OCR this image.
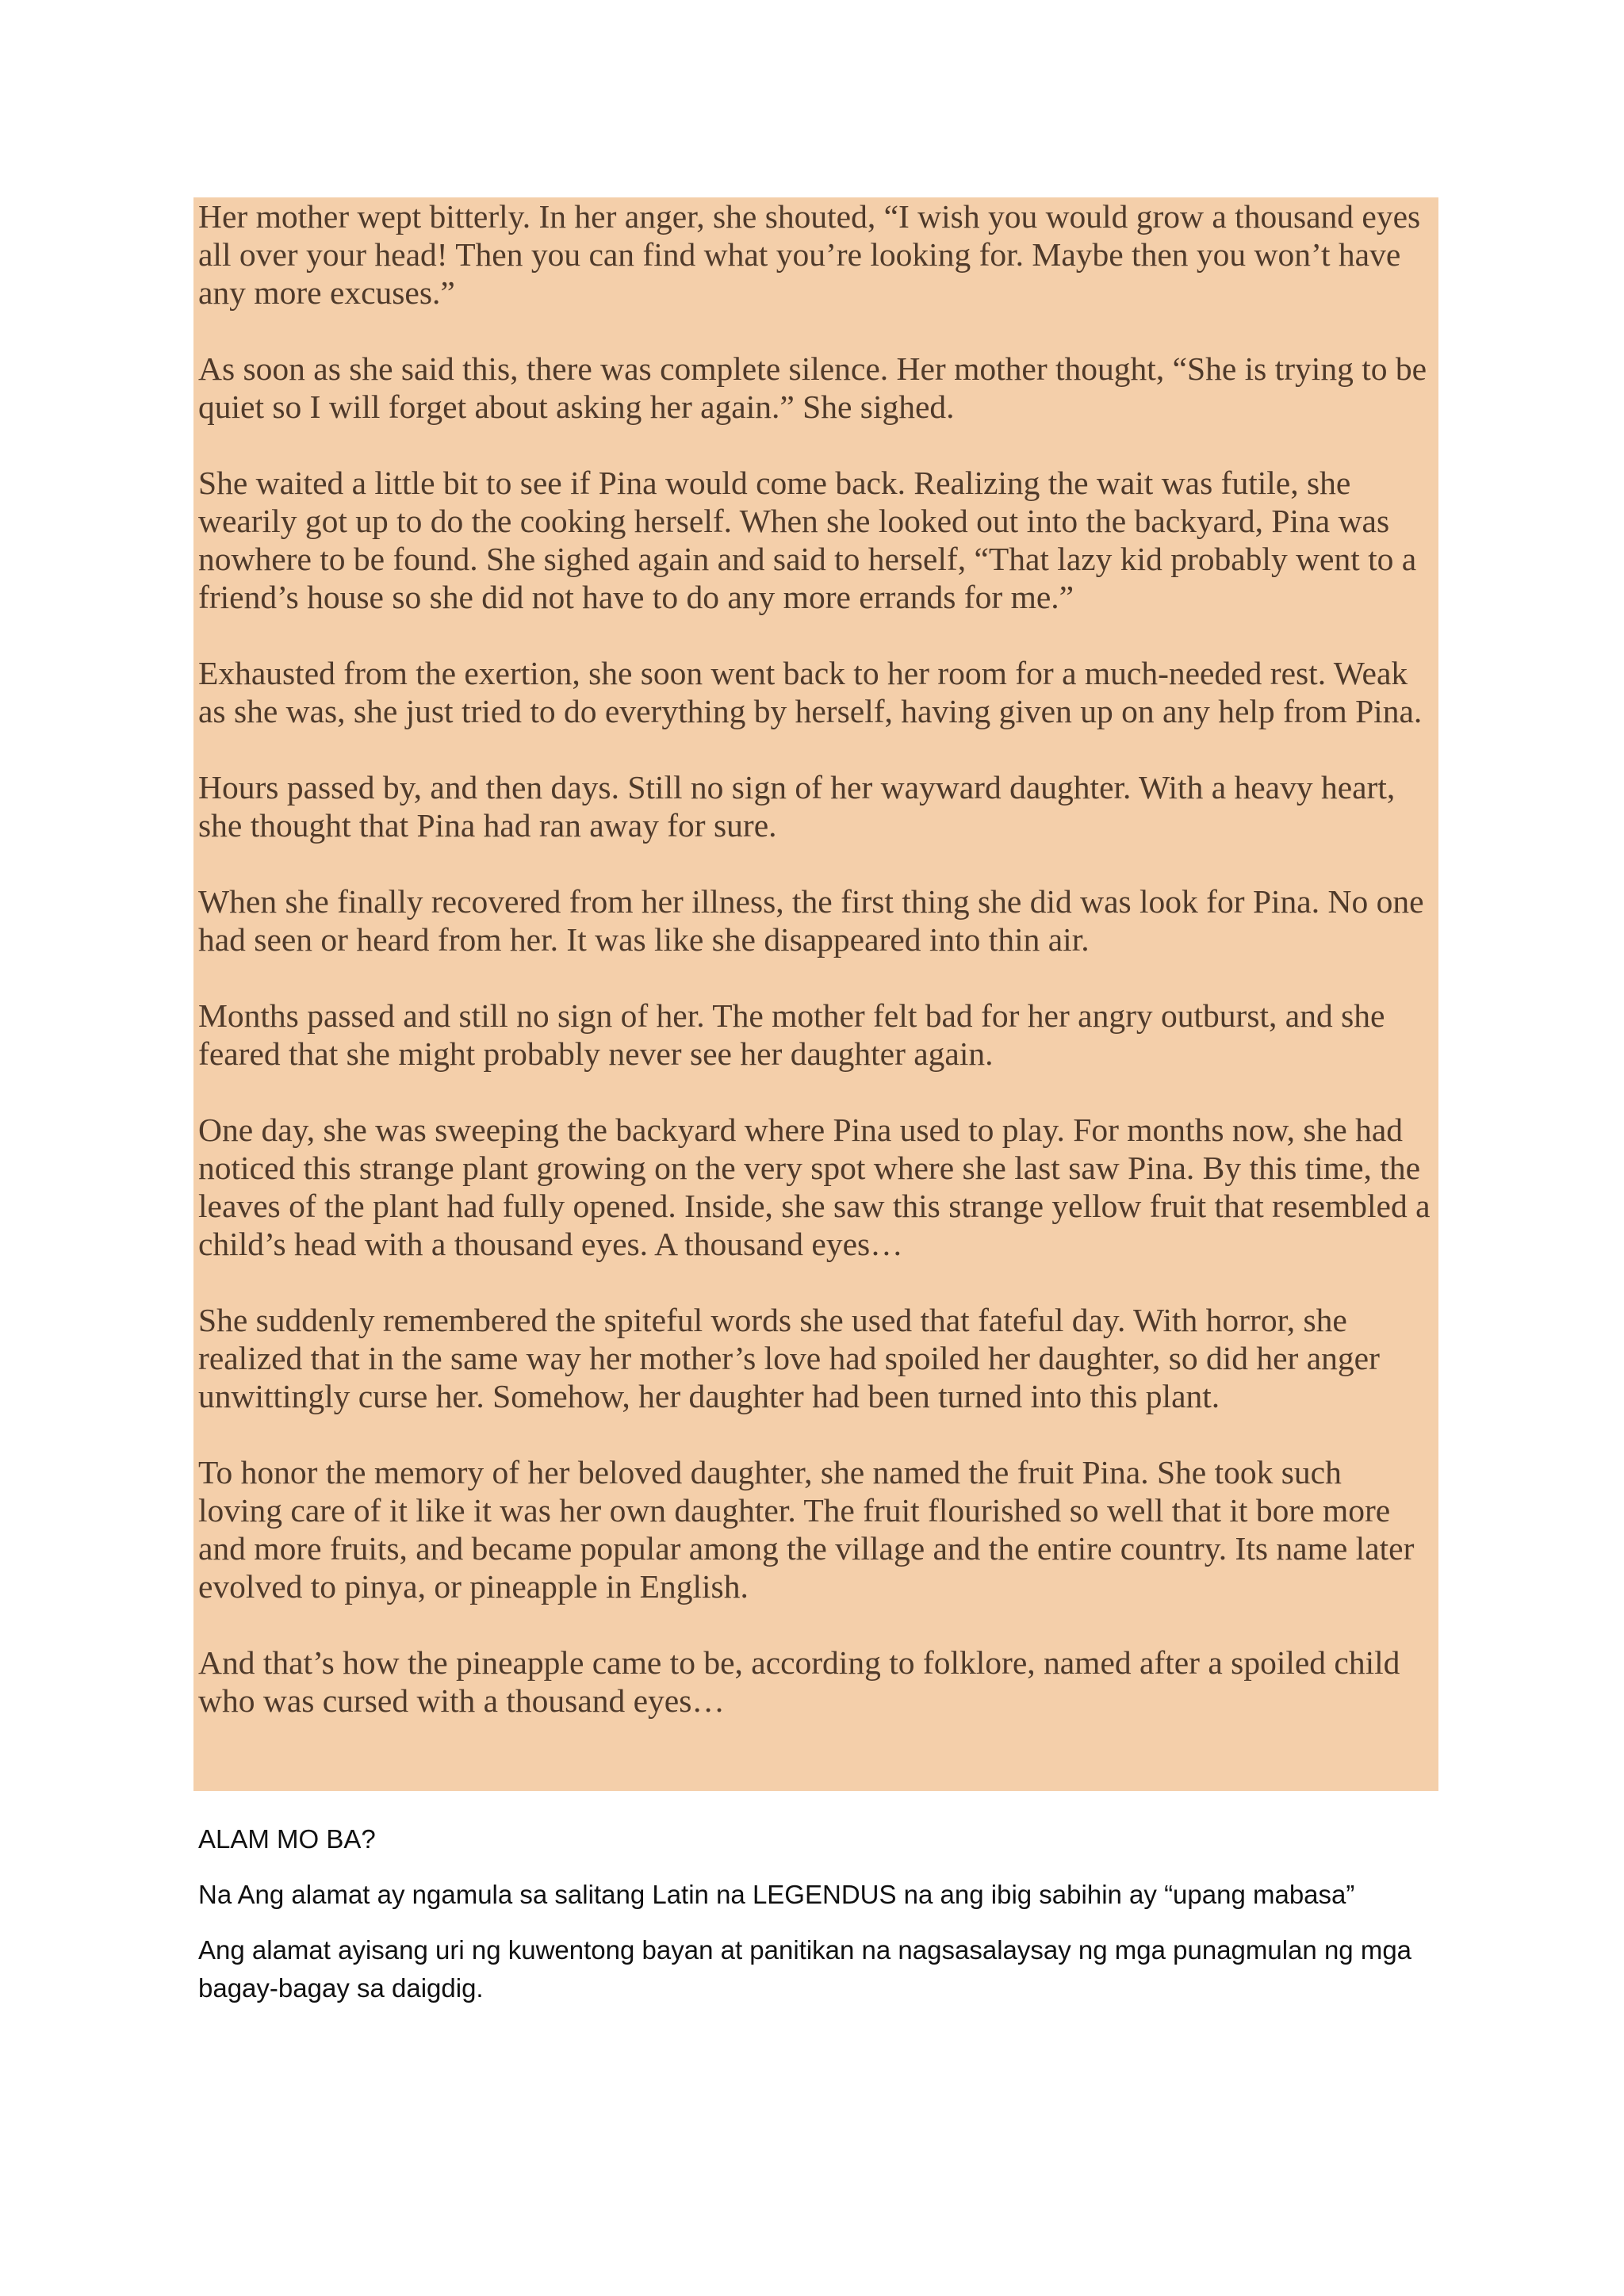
Her mother wept bitterly. In her anger, she shouted, “I wish you would grow a thousand eyes all over your head! Then you can find what you’re looking for. Maybe then you won’t have any more excuses.”

As soon as she said this, there was complete silence. Her mother thought, “She is trying to be quiet so I will forget about asking her again.” She sighed.

She waited a little bit to see if Pina would come back. Realizing the wait was futile, she wearily got up to do the cooking herself. When she looked out into the backyard, Pina was nowhere to be found. She sighed again and said to herself, “That lazy kid probably went to a friend’s house so she did not have to do any more errands for me.”

Exhausted from the exertion, she soon went back to her room for a much-needed rest. Weak as she was, she just tried to do everything by herself, having given up on any help from Pina.

Hours passed by, and then days. Still no sign of her wayward daughter. With a heavy heart, she thought that Pina had ran away for sure.

When she finally recovered from her illness, the first thing she did was look for Pina. No one had seen or heard from her. It was like she disappeared into thin air.

Months passed and still no sign of her. The mother felt bad for her angry outburst, and she feared that she might probably never see her daughter again.

One day, she was sweeping the backyard where Pina used to play. For months now, she had noticed this strange plant growing on the very spot where she last saw Pina. By this time, the leaves of the plant had fully opened. Inside, she saw this strange yellow fruit that resembled a child’s head with a thousand eyes. A thousand eyes…

She suddenly remembered the spiteful words she used that fateful day. With horror, she realized that in the same way her mother’s love had spoiled her daughter, so did her anger unwittingly curse her. Somehow, her daughter had been turned into this plant.

To honor the memory of her beloved daughter, she named the fruit Pina. She took such loving care of it like it was her own daughter. The fruit flourished so well that it bore more and more fruits, and became popular among the village and the entire country. Its name later evolved to pinya, or pineapple in English.

And that’s how the pineapple came to be, according to folklore, named after a spoiled child who was cursed with a thousand eyes…

ALAM MO BA?

Na Ang alamat ay ngamula sa salitang Latin na LEGENDUS na ang ibig sabihin ay “upang mabasa”

Ang alamat ayisang uri ng kuwentong bayan at panitikan na nagsasalaysay ng mga punagmulan ng mga bagay-bagay sa daigdig.
